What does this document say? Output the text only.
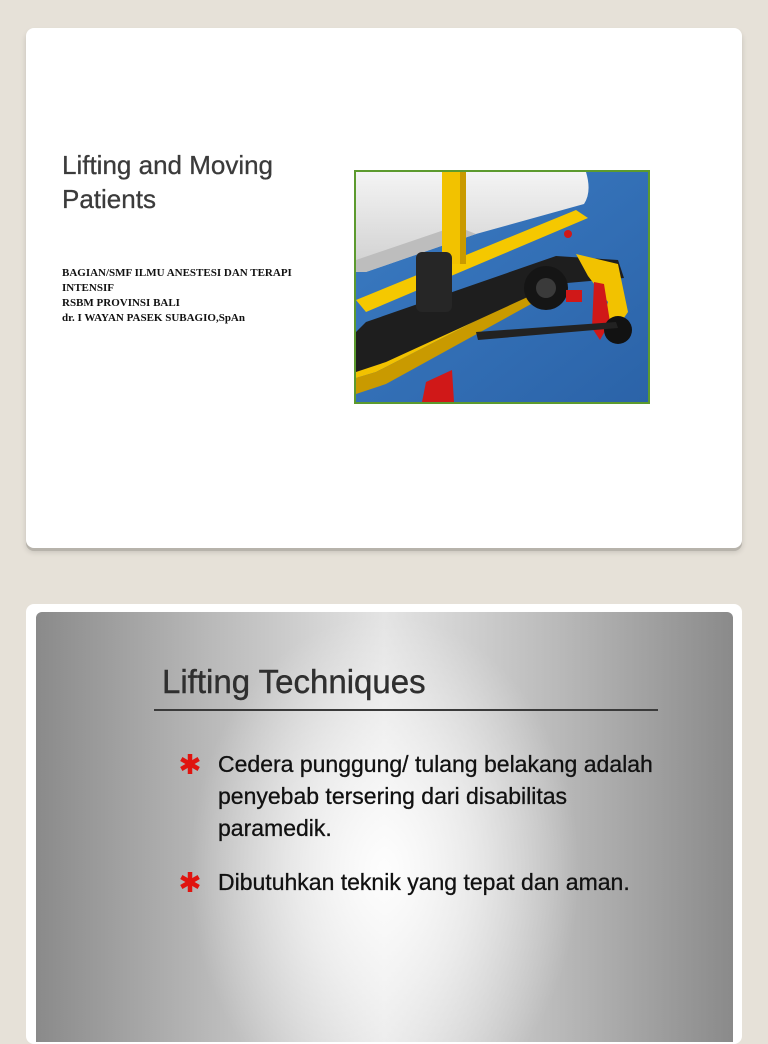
Lifting and Moving Patients
BAGIAN/SMF ILMU ANESTESI DAN TERAPI INTENSIF
RSBM PROVINSI BALI
dr. I WAYAN PASEK SUBAGIO,SpAn
Lifting Techniques
Cedera punggung/ tulang belakang adalah penyebab tersering dari disabilitas paramedik.
Dibutuhkan teknik yang tepat dan aman.
